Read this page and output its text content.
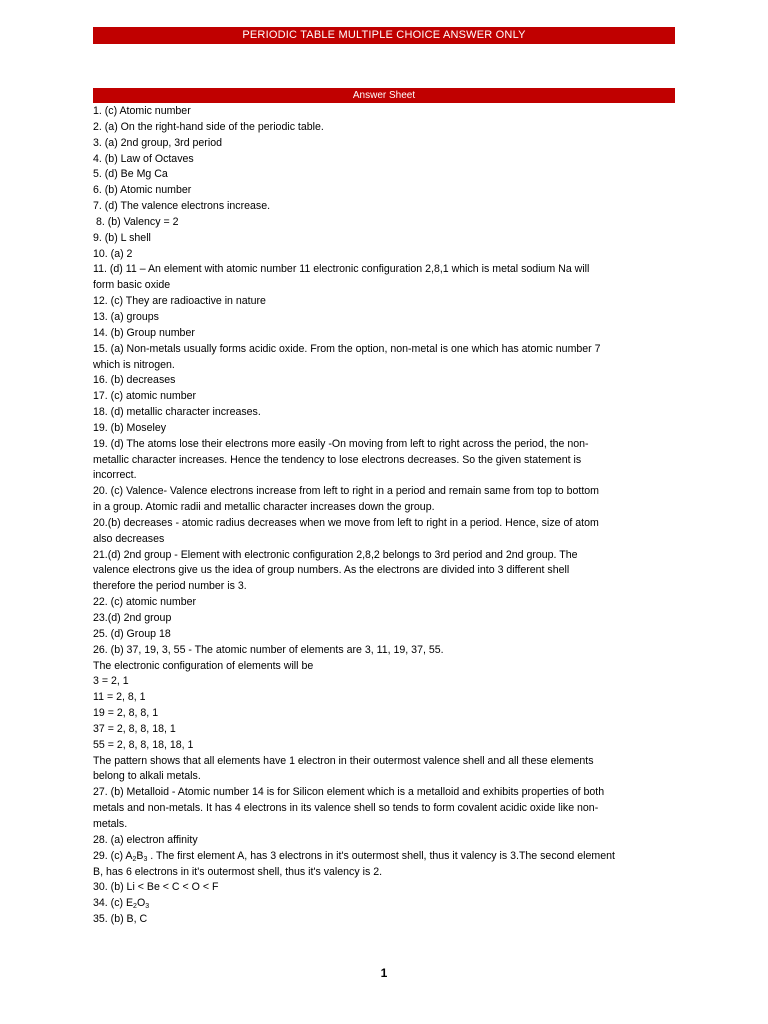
PERIODIC TABLE MULTIPLE CHOICE ANSWER ONLY
Answer Sheet
1. (c) Atomic number
2. (a) On the right-hand side of the periodic table.
3. (a) 2nd group, 3rd period
4. (b) Law of Octaves
5. (d) Be Mg Ca
6. (b) Atomic number
7. (d) The valence electrons increase.
8. (b) Valency = 2
9. (b) L shell
10. (a) 2
11. (d) 11 – An element with atomic number 11 electronic configuration 2,8,1 which is metal sodium Na will
form basic oxide
12. (c) They are radioactive in nature
13. (a) groups
14. (b) Group number
15. (a) Non-metals usually forms acidic oxide. From the option, non-metal is one which has atomic number 7
which is nitrogen.
16. (b) decreases
17. (c) atomic number
18. (d) metallic character increases.
19. (b) Moseley
19. (d) The atoms lose their electrons more easily -On moving from left to right across the period, the non-
metallic character increases. Hence the tendency to lose electrons decreases. So the given statement is
incorrect.
20. (c) Valence- Valence electrons increase from left to right in a period and remain same from top to bottom
in a group. Atomic radii and metallic character increases down the group.
20.(b) decreases - atomic radius decreases when we move from left to right in a period. Hence, size of atom
also decreases
21.(d) 2nd group - Element with electronic configuration 2,8,2 belongs to 3rd period and 2nd group. The
valence electrons give us the idea of group numbers. As the electrons are divided into 3 different shell
therefore the period number is 3.
22. (c) atomic number
23.(d) 2nd group
25. (d) Group 18
26. (b) 37, 19, 3, 55 - The atomic number of elements are 3, 11, 19, 37, 55.
The electronic configuration of elements will be
3 = 2, 1
11 = 2, 8, 1
19 = 2, 8, 8, 1
37 = 2, 8, 8, 18, 1
55 = 2, 8, 8, 18, 18, 1
The pattern shows that all elements have 1 electron in their outermost valence shell and all these elements
belong to alkali metals.
27. (b) Metalloid - Atomic number 14 is for Silicon element which is a metalloid and exhibits properties of both
metals and non-metals. It has 4 electrons in its valence shell so tends to form covalent acidic oxide like non-
metals.
28. (a) electron affinity
29. (c) $A_2B_3$ . The first element A, has 3 electrons in it's outermost shell, thus it valency is 3.The second element
B, has 6 electrons in it's outermost shell, thus it's valency is 2.
30. (b) Li < Be < C < O < F
34. (c) $E_2O_3$
35. (b) B, C
1
